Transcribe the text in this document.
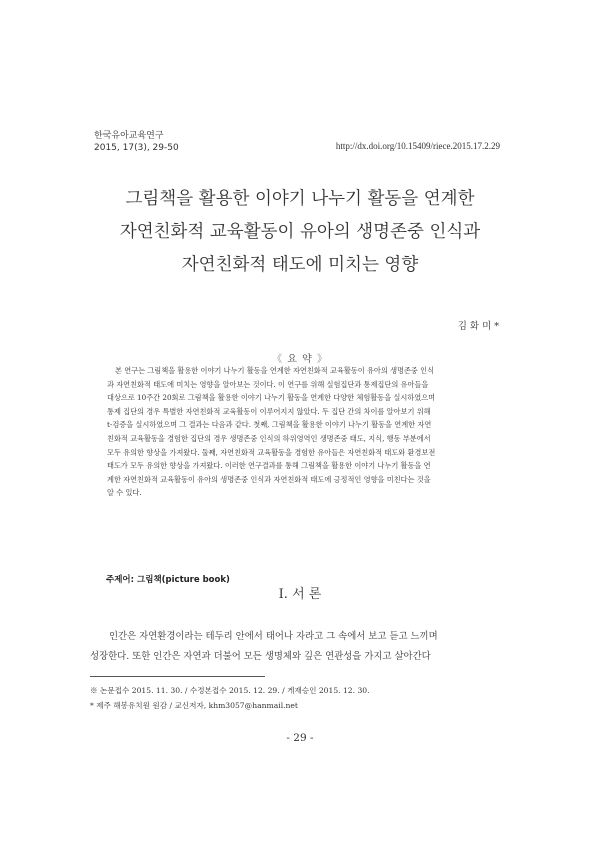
한국유아교육연구
2015, 17(3), 29-50	http://dx.doi.org/10.15409/riece.2015.17.2.29
그림책을 활용한 이야기 나누기 활동을 연계한
자연친화적 교육활동이 유아의 생명존중 인식과
자연친화적 태도에 미치는 영향
김화미*
《 요 약 》
본 연구는 그림책을 활용한 이야기 나누기 활동을 연계한 자연친화적 교육활동이 유아의 생명존중 인식
과 자연친화적 태도에 미치는 영향을 알아보는 것이다. 이 연구를 위해 실험집단과 통제집단의 유아들을
대상으로 10주간 20회로 그림책을 활용한 이야기 나누기 활동을 연계한 다양한 체험활동을 실시하였으며
통제 집단의 경우 특별한 자연친화적 교육활동이 이루어지지 않았다. 두 집단 간의 차이를 알아보기 위해
t-검증을 실시하였으며 그 결과는 다음과 같다. 첫째, 그림책을 활용한 이야기 나누기 활동을 연계한 자연
친화적 교육활동을 경험한 집단의 경우 생명존중 인식의 하위영역인 생명존중 태도, 지식, 행동 부분에서
모두 유의한 향상을 가져왔다. 둘째, 자연친화적 교육활동을 경험한 유아들은 자연친화적 태도와 환경보전
태도가 모두 유의한 향상을 가져왔다. 이러한 연구결과를 통해 그림책을 활용한 이야기 나누기 활동을 연
계한 자연친화적 교육활동이 유아의 생명존중 인식과 자연친화적 태도에 긍정적인 영향을 미친다는 것을
알 수 있다.
주제어: 그림책(picture book)
Ⅰ. 서 론
인간은 자연환경이라는 테두리 안에서 태어나 자라고 그 속에서 보고 듣고 느끼며
성장한다. 또한 인간은 자연과 더불어 모든 생명체와 깊은 연관성을 가지고 살아간다
※ 논문접수 2015. 11. 30. / 수정본접수 2015. 12. 29. / 게재승인 2015. 12. 30.
* 제주 해봉유치원 원감 / 교신저자, khm3057@hanmail.net
- 29 -
